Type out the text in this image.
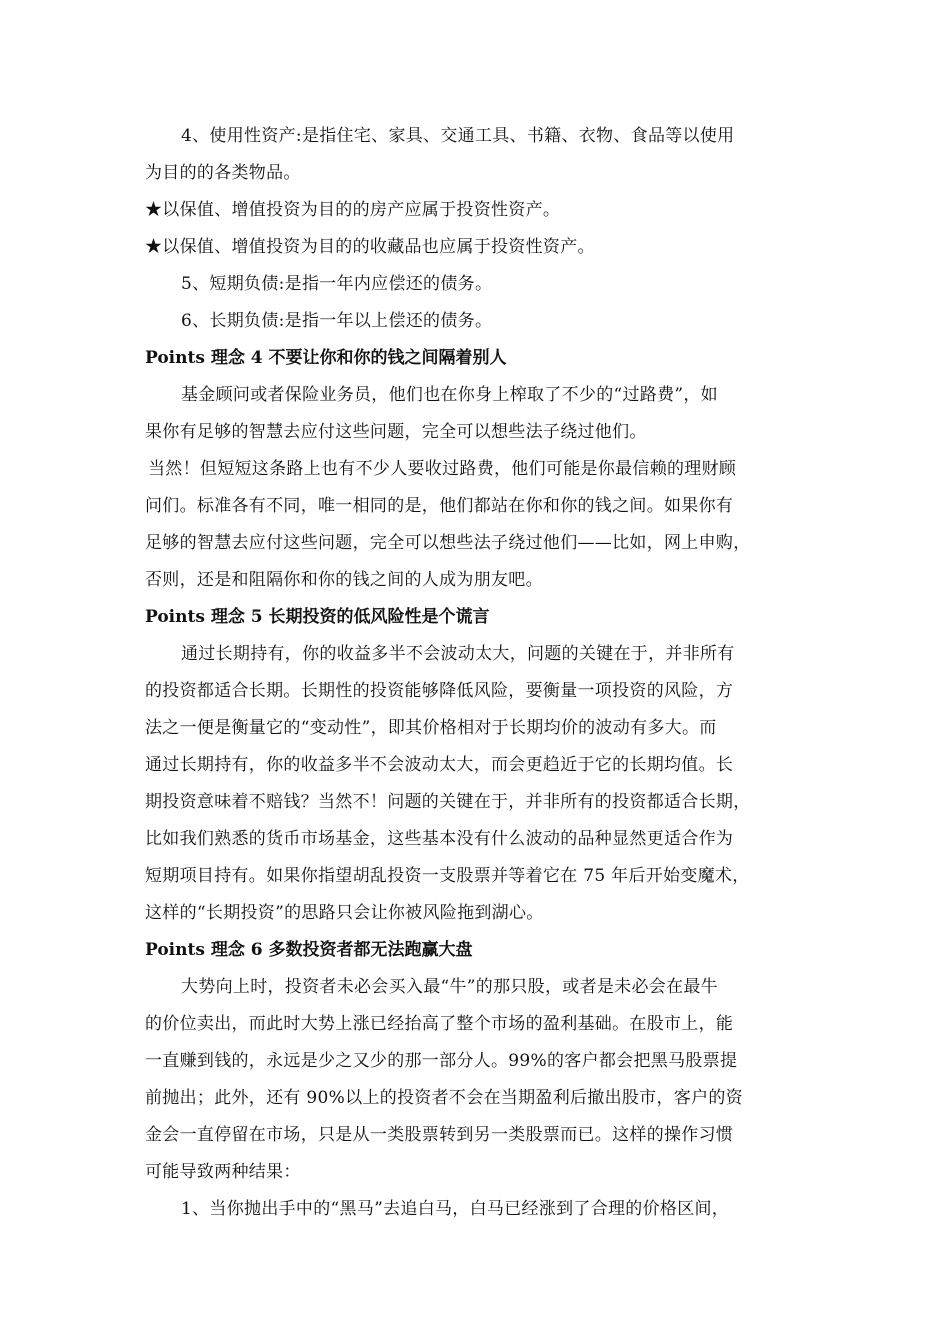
4、使用性资产:是指住宅、家具、交通工具、书籍、衣物、食品等以使用
为目的的各类物品。
★以保值、增值投资为目的的房产应属于投资性资产。
★以保值、增值投资为目的的收藏品也应属于投资性资产。
5、短期负债:是指一年内应偿还的债务。
6、长期负债:是指一年以上偿还的债务。
Points 理念 4 不要让你和你的钱之间隔着别人
基金顾问或者保险业务员，他们也在你身上榨取了不少的“过路费”，如
果你有足够的智慧去应付这些问题，完全可以想些法子绕过他们。
当然！但短短这条路上也有不少人要收过路费，他们可能是你最信赖的理财顾
问们。标准各有不同，唯一相同的是，他们都站在你和你的钱之间。如果你有
足够的智慧去应付这些问题，完全可以想些法子绕过他们——比如，网上申购，
否则，还是和阻隔你和你的钱之间的人成为朋友吧。
Points 理念 5 长期投资的低风险性是个谎言
通过长期持有，你的收益多半不会波动太大，问题的关键在于，并非所有
的投资都适合长期。长期性的投资能够降低风险，要衡量一项投资的风险，方
法之一便是衡量它的“变动性”，即其价格相对于长期均价的波动有多大。而
通过长期持有，你的收益多半不会波动太大，而会更趋近于它的长期均值。长
期投资意味着不赔钱？当然不！问题的关键在于，并非所有的投资都适合长期，
比如我们熟悉的货币市场基金，这些基本没有什么波动的品种显然更适合作为
短期项目持有。如果你指望胡乱投资一支股票并等着它在 75 年后开始变魔术，
这样的“长期投资”的思路只会让你被风险拖到湖心。
Points 理念 6 多数投资者都无法跑赢大盘
大势向上时，投资者未必会买入最“牛”的那只股，或者是未必会在最牛
的价位卖出，而此时大势上涨已经抬高了整个市场的盈利基础。在股市上，能
一直赚到钱的，永远是少之又少的那一部分人。99%的客户都会把黑马股票提
前抛出；此外，还有 90%以上的投资者不会在当期盈利后撤出股市，客户的资
金会一直停留在市场，只是从一类股票转到另一类股票而已。这样的操作习惯
可能导致两种结果：
1、当你抛出手中的“黑马”去追白马，白马已经涨到了合理的价格区间，
